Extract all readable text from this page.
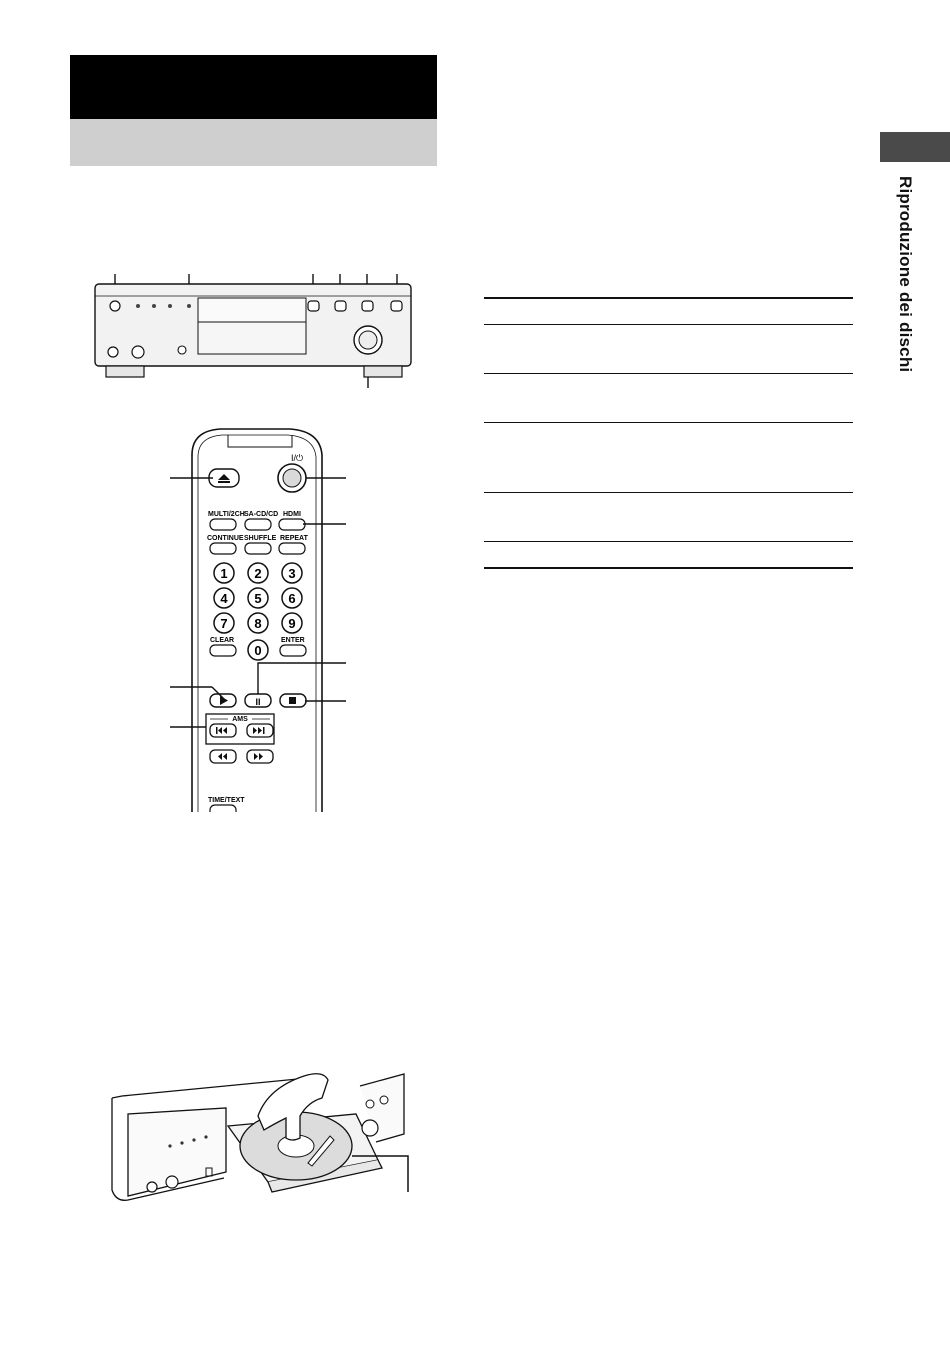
Riproduzione dei dischi
I/⏻
MULTI/2CH SA-CD/CD HDMI
CONTINUE SHUFFLE REPEAT
1 2 3
4 5 6
7 8 9
0
CLEAR	ENTER
II
AMS
TIME/TEXT
